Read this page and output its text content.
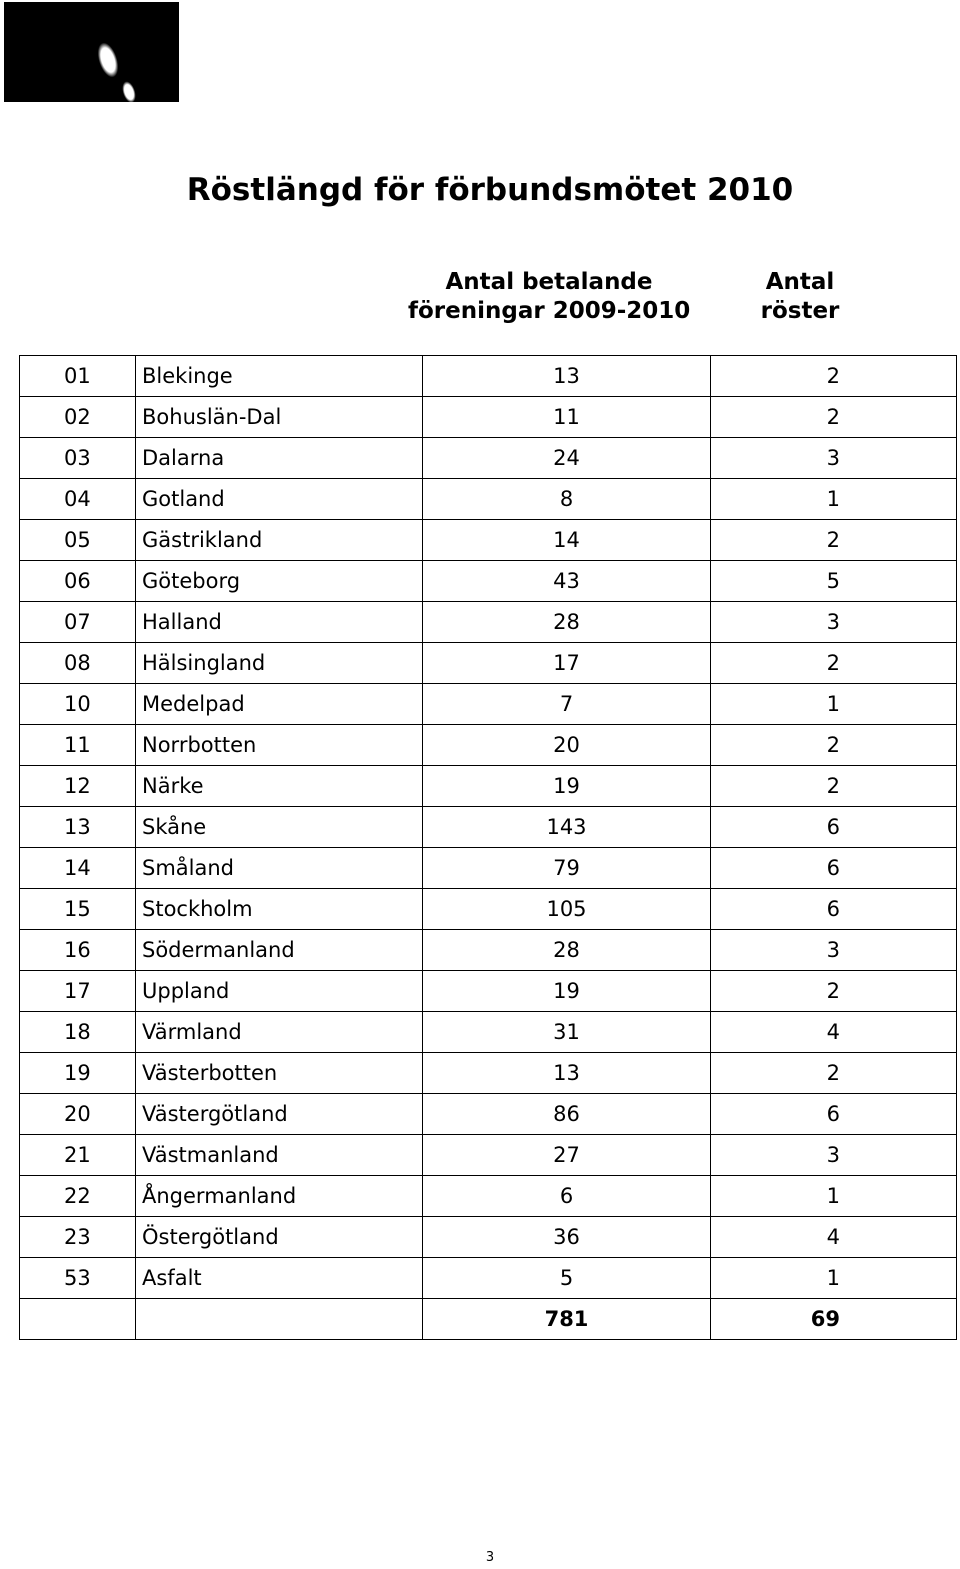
Röstlängd för förbundsmötet 2010
Antal betalande
föreningar 2009-2010
Antal
röster
01	Blekinge	13	2
02	Bohuslän-Dal	11	2
03	Dalarna	24	3
04	Gotland	8	1
05	Gästrikland	14	2
06	Göteborg	43	5
07	Halland	28	3
08	Hälsingland	17	2
10	Medelpad	7	1
11	Norrbotten	20	2
12	Närke	19	2
13	Skåne	143	6
14	Småland	79	6
15	Stockholm	105	6
16	Södermanland	28	3
17	Uppland	19	2
18	Värmland	31	4
19	Västerbotten	13	2
20	Västergötland	86	6
21	Västmanland	27	3
22	Ångermanland	6	1
23	Östergötland	36	4
53	Asfalt	5	1
		781	69
3
